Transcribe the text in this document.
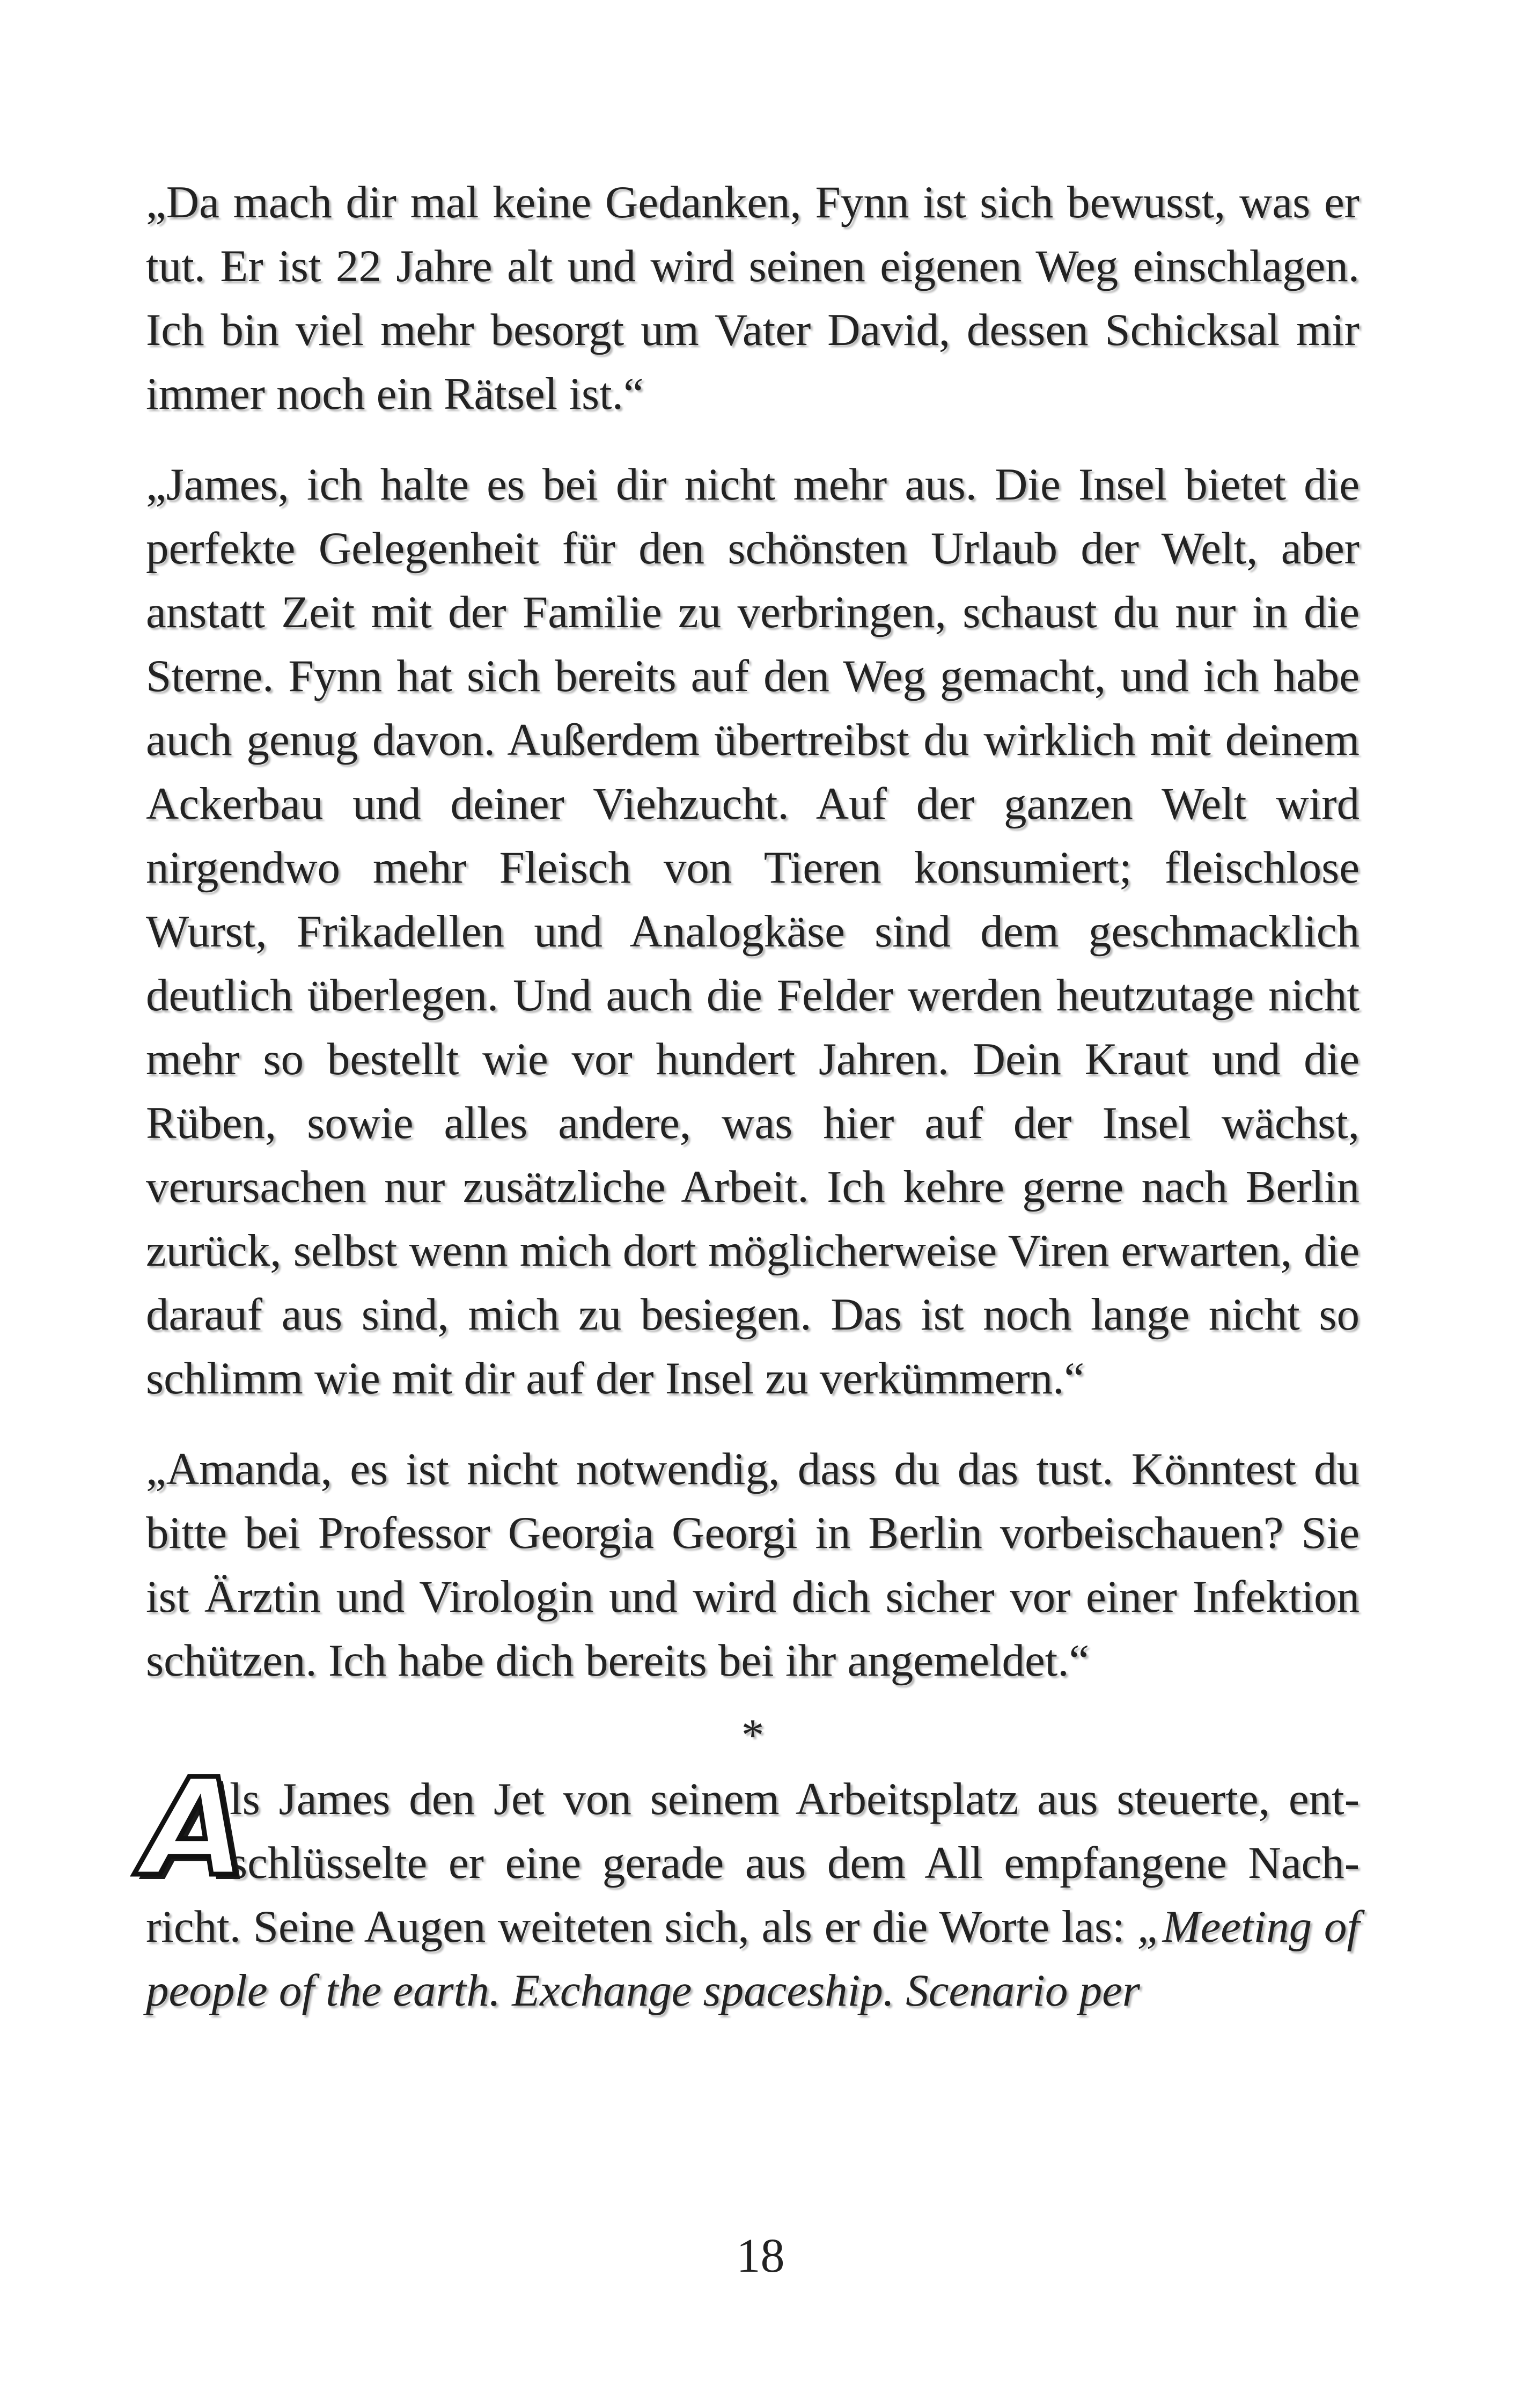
„Da mach dir mal keine Gedanken, Fynn ist sich bewusst, was er tut. Er ist 22 Jahre alt und wird seinen eigenen Weg einschlagen. Ich bin viel mehr besorgt um Vater David, dessen Schicksal mir immer noch ein Rätsel ist.“

„James, ich halte es bei dir nicht mehr aus. Die Insel bietet die perfekte Gelegenheit für den schönsten Urlaub der Welt, aber anstatt Zeit mit der Familie zu verbringen, schaust du nur in die Sterne. Fynn hat sich bereits auf den Weg gemacht, und ich habe auch genug davon. Außerdem übertreibst du wirklich mit deinem Ackerbau und deiner Viehzucht. Auf der ganzen Welt wird nirgendwo mehr Fleisch von Tieren konsumiert; fleischlose Wurst, Frikadellen und Analogkäse sind dem geschmacklich deutlich überlegen. Und auch die Felder werden heutzutage nicht mehr so bestellt wie vor hundert Jahren. Dein Kraut und die Rüben, sowie alles andere, was hier auf der Insel wächst, verursachen nur zusätzliche Arbeit. Ich kehre gerne nach Berlin zurück, selbst wenn mich dort möglicherweise Viren erwarten, die darauf aus sind, mich zu besiegen. Das ist noch lange nicht so schlimm wie mit dir auf der Insel zu verkümmern.“

„Amanda, es ist nicht notwendig, dass du das tust. Könntest du bitte bei Professor Georgia Georgi in Berlin vorbeischauen? Sie ist Ärztin und Virologin und wird dich sicher vor einer Infektion schützen. Ich habe dich bereits bei ihr angemeldet.“

*

A
ls James den Jet von seinem Arbeitsplatz aus steuerte, entschlüsselte er eine gerade aus dem All empfangene Nachricht. Seine Augen weiteten sich, als er die Worte las: „Meeting of people of the earth. Exchange spaceship. Scenario per

18
